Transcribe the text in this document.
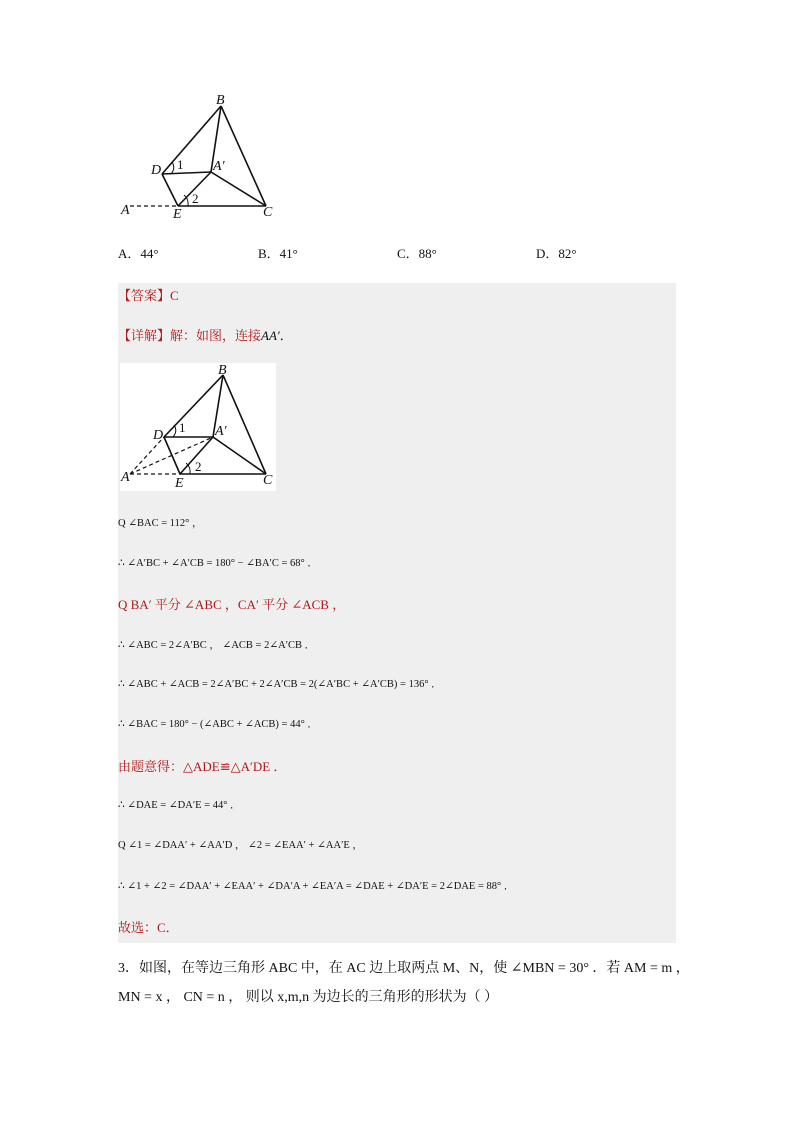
B
D	A′
A	E	C
1
2
A．44°	B．41°	C．88°	D．82°
【答案】C
【详解】解：如图，连接AA′．
B
D	A′
A	E	C
1
2
Q ∠BAC = 112° ，
∴ ∠A′BC + ∠A′CB = 180° − ∠BA′C = 68° ．
Q BA′ 平分 ∠ABC ，CA′ 平分 ∠ACB ，
∴ ∠ABC = 2∠A′BC ， ∠ACB = 2∠A′CB ．
∴ ∠ABC + ∠ACB = 2∠A′BC + 2∠A′CB = 2(∠A′BC + ∠A′CB) = 136° ．
∴ ∠BAC = 180° − (∠ABC + ∠ACB) = 44° ．
由题意得：△ADE≌△A′DE ．
∴ ∠DAE = ∠DA′E = 44° ．
Q ∠1 = ∠DAA′ + ∠AA′D ， ∠2 = ∠EAA′ + ∠AA′E ，
∴ ∠1 + ∠2 = ∠DAA′ + ∠EAA′ + ∠DA′A + ∠EA′A = ∠DAE + ∠DA′E = 2∠DAE = 88° ．
故选：C．
3．如图，在等边三角形 ABC 中，在 AC 边上取两点 M、N，使 ∠MBN = 30° ．若 AM = m ，
MN = x ， CN = n ， 则以 x,m,n 为边长的三角形的形状为（ ）
